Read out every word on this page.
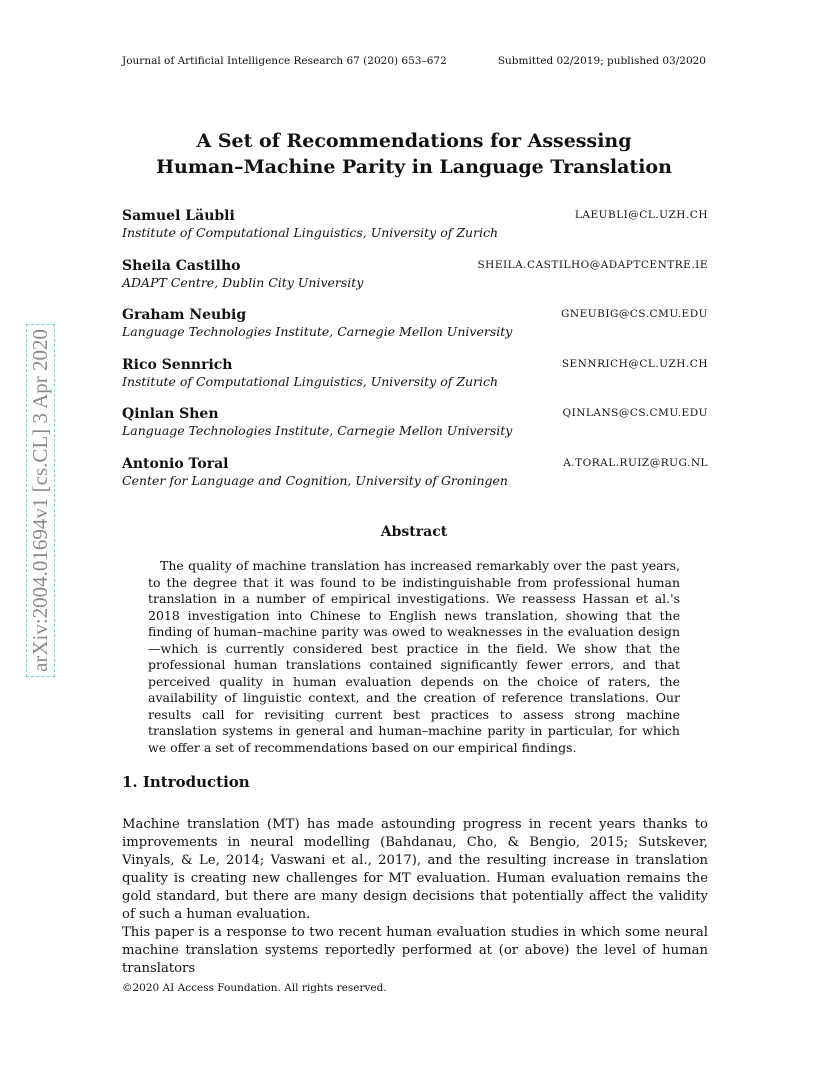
Journal of Artificial Intelligence Research 67 (2020) 653–672	Submitted 02/2019; published 03/2020
arXiv:2004.01694v1 [cs.CL] 3 Apr 2020
A Set of Recommendations for Assessing
Human–Machine Parity in Language Translation
Samuel Läubli	LAEUBLI@CL.UZH.CH
Institute of Computational Linguistics, University of Zurich
Sheila Castilho	SHEILA.CASTILHO@ADAPTCENTRE.IE
ADAPT Centre, Dublin City University
Graham Neubig	GNEUBIG@CS.CMU.EDU
Language Technologies Institute, Carnegie Mellon University
Rico Sennrich	SENNRICH@CL.UZH.CH
Institute of Computational Linguistics, University of Zurich
Qinlan Shen	QINLANS@CS.CMU.EDU
Language Technologies Institute, Carnegie Mellon University
Antonio Toral	A.TORAL.RUIZ@RUG.NL
Center for Language and Cognition, University of Groningen
Abstract
The quality of machine translation has increased remarkably over the past years, to the degree that it was found to be indistinguishable from professional human translation in a number of empirical investigations. We reassess Hassan et al.'s 2018 investigation into Chinese to English news translation, showing that the finding of human–machine parity was owed to weaknesses in the evaluation design—which is currently considered best practice in the field. We show that the professional human translations contained significantly fewer errors, and that perceived quality in human evaluation depends on the choice of raters, the availability of linguistic context, and the creation of reference translations. Our results call for revisiting current best practices to assess strong machine translation systems in general and human–machine parity in particular, for which we offer a set of recommendations based on our empirical findings.
1. Introduction
Machine translation (MT) has made astounding progress in recent years thanks to improvements in neural modelling (Bahdanau, Cho, & Bengio, 2015; Sutskever, Vinyals, & Le, 2014; Vaswani et al., 2017), and the resulting increase in translation quality is creating new challenges for MT evaluation. Human evaluation remains the gold standard, but there are many design decisions that potentially affect the validity of such a human evaluation.
This paper is a response to two recent human evaluation studies in which some neural machine translation systems reportedly performed at (or above) the level of human translators
©2020 AI Access Foundation. All rights reserved.
